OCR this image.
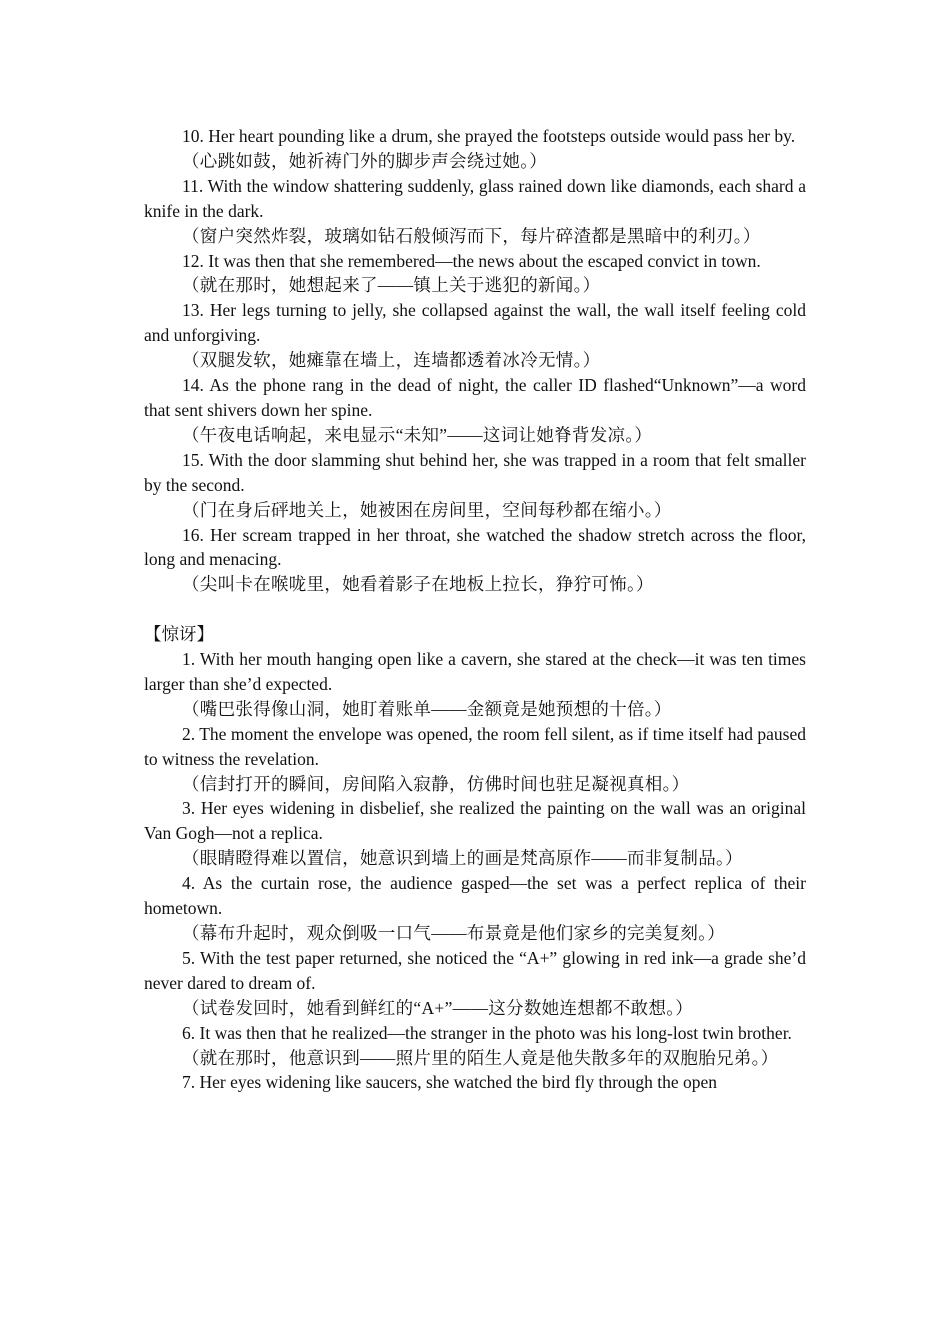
10. Her heart pounding like a drum, she prayed the footsteps outside would pass her by.

（心跳如鼓，她祈祷门外的脚步声会绕过她。）

11. With the window shattering suddenly, glass rained down like diamonds, each shard a knife in the dark.

（窗户突然炸裂，玻璃如钻石般倾泻而下，每片碎渣都是黑暗中的利刃。）

12. It was then that she remembered—the news about the escaped convict in town.

（就在那时，她想起来了——镇上关于逃犯的新闻。）

13. Her legs turning to jelly, she collapsed against the wall, the wall itself feeling cold and unforgiving.

（双腿发软，她瘫靠在墙上，连墙都透着冰冷无情。）

14. As the phone rang in the dead of night, the caller ID flashed“Unknown”—a word that sent shivers down her spine.

（午夜电话响起，来电显示“未知”——这词让她脊背发凉。）

15. With the door slamming shut behind her, she was trapped in a room that felt smaller by the second.

（门在身后砰地关上，她被困在房间里，空间每秒都在缩小。）

16. Her scream trapped in her throat, she watched the shadow stretch across the floor, long and menacing.

（尖叫卡在喉咙里，她看着影子在地板上拉长，狰狞可怖。）

【惊讶】

1. With her mouth hanging open like a cavern, she stared at the check—it was ten times larger than she’d expected.

（嘴巴张得像山洞，她盯着账单——金额竟是她预想的十倍。）

2. The moment the envelope was opened, the room fell silent, as if time itself had paused to witness the revelation.

（信封打开的瞬间，房间陷入寂静，仿佛时间也驻足凝视真相。）

3. Her eyes widening in disbelief, she realized the painting on the wall was an original Van Gogh—not a replica.

（眼睛瞪得难以置信，她意识到墙上的画是梵高原作——而非复制品。）

4. As the curtain rose, the audience gasped—the set was a perfect replica of their hometown.

（幕布升起时，观众倒吸一口气——布景竟是他们家乡的完美复刻。）

5. With the test paper returned, she noticed the “A+” glowing in red ink—a grade she’d never dared to dream of.

（试卷发回时，她看到鲜红的“A+”——这分数她连想都不敢想。）

6. It was then that he realized—the stranger in the photo was his long-lost twin brother.

（就在那时，他意识到——照片里的陌生人竟是他失散多年的双胞胎兄弟。）

7. Her eyes widening like saucers, she watched the bird fly through the open
